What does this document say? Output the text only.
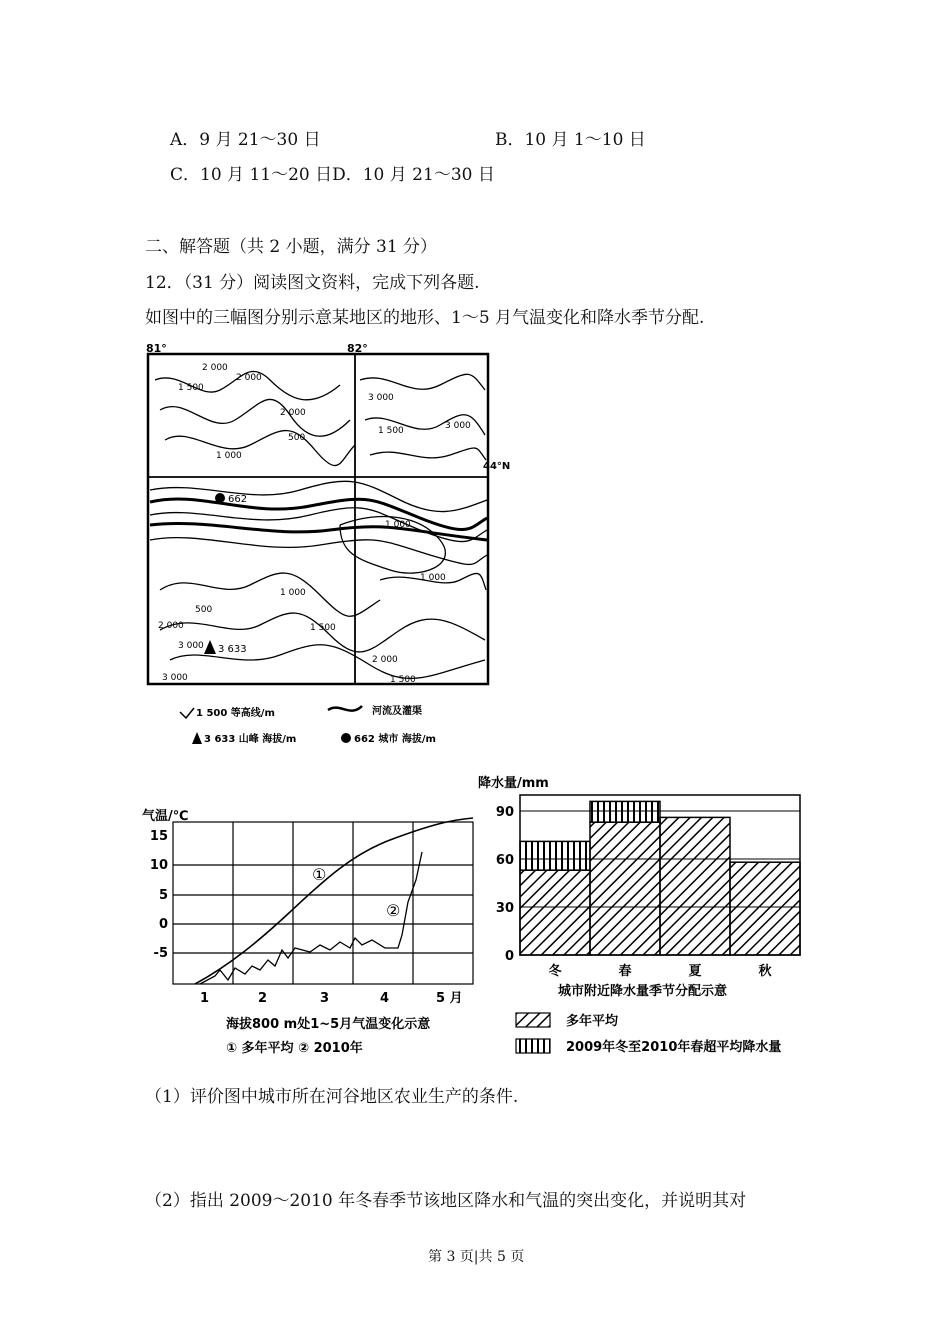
A．9 月 21～30 日	B．10 月 1～10 日
C．10 月 11～20 日D．10 月 21～30 日
二、解答题（共 2 小题，满分 31 分）
12．（31 分）阅读图文资料，完成下列各题.
如图中的三幅图分别示意某地区的地形、1～5 月气温变化和降水季节分配.
81°	82°
44°N
2 000
1 500
2 000
2 000
3 000
500
3 000
1 000
1 500
1 000
1 000
1 000
500
1 500
2 000
3 000
2 000
1 500
3 000
662
3 633
1 500 等高线/m	河流及灌渠
3 633 山峰 海拔/m	662 城市 海拔/m
气温/℃
15
10
5
0
-5
1	2	3	4	5 月
①
②
海拔800 m处1~5月气温变化示意
① 多年平均 ② 2010年
降水量/mm
0
30
60
90
冬	春	夏	秋
城市附近降水量季节分配示意
多年平均
2009年冬至2010年春超平均降水量
（1）评价图中城市所在河谷地区农业生产的条件.
（2）指出 2009～2010 年冬春季节该地区降水和气温的突出变化，并说明其对
第 3 页|共 5 页
